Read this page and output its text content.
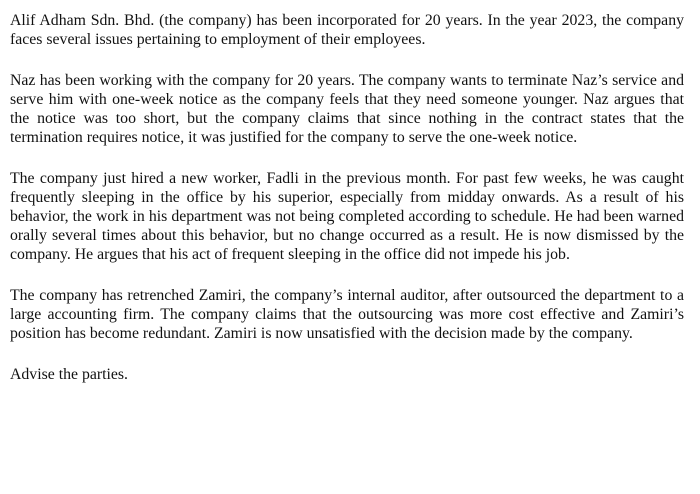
Alif Adham Sdn. Bhd. (the company) has been incorporated for 20 years. In the year 2023, the company faces several issues pertaining to employment of their employees.

Naz has been working with the company for 20 years. The company wants to terminate Naz’s service and serve him with one-week notice as the company feels that they need someone younger. Naz argues that the notice was too short, but the company claims that since nothing in the contract states that the termination requires notice, it was justified for the company to serve the one-week notice.

The company just hired a new worker, Fadli in the previous month. For past few weeks, he was caught frequently sleeping in the office by his superior, especially from midday onwards. As a result of his behavior, the work in his department was not being completed according to schedule. He had been warned orally several times about this behavior, but no change occurred as a result. He is now dismissed by the company. He argues that his act of frequent sleeping in the office did not impede his job.

The company has retrenched Zamiri, the company’s internal auditor, after outsourced the department to a large accounting firm. The company claims that the outsourcing was more cost effective and Zamiri’s position has become redundant. Zamiri is now unsatisfied with the decision made by the company.

Advise the parties.
